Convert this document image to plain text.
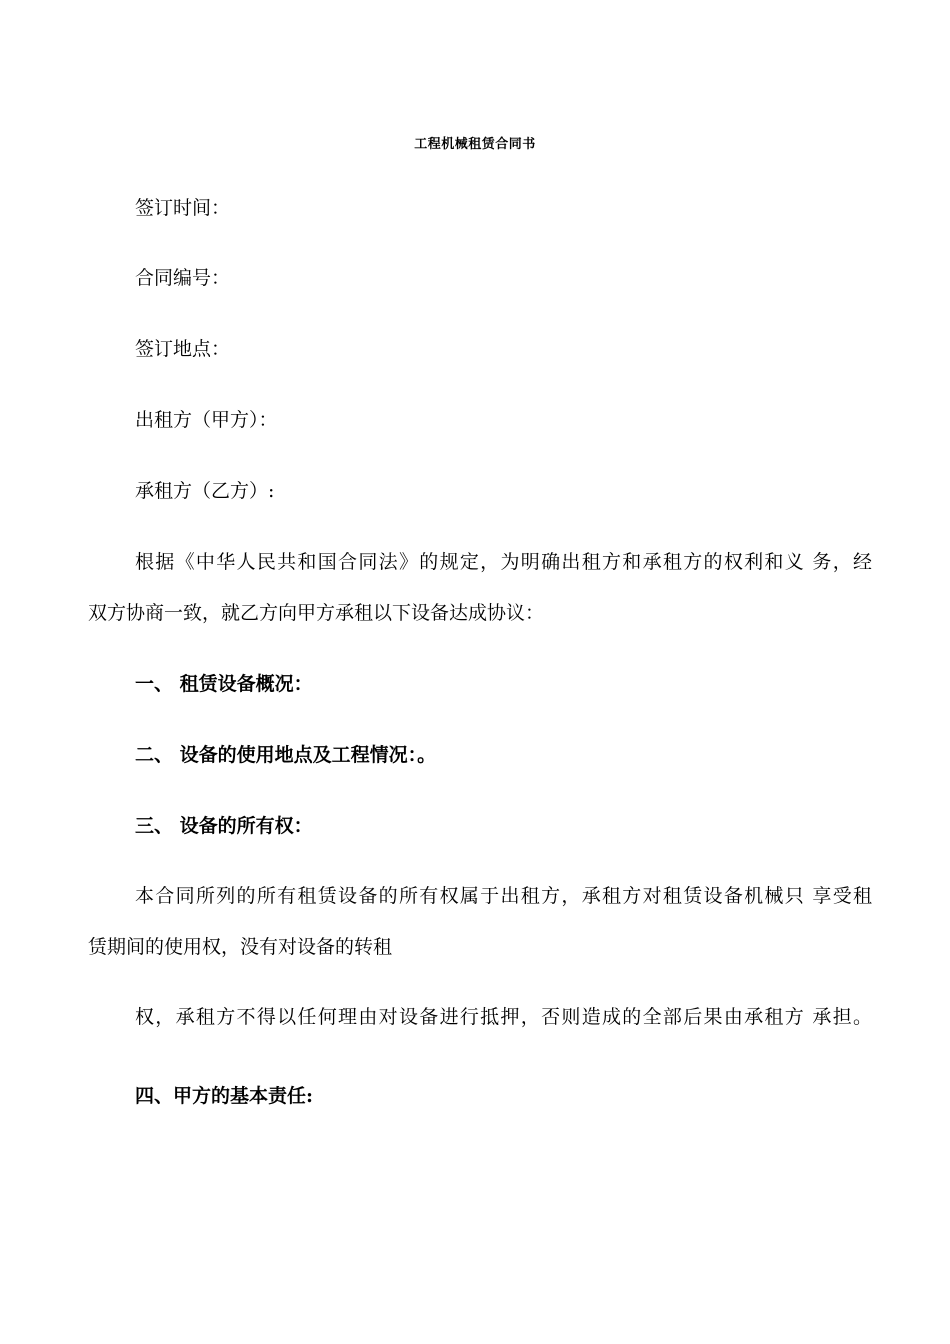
工程机械租赁合同书
签订时间：
合同编号：
签订地点：
出租方（甲方）：
承租方（乙方）:
根据《中华人民共和国合同法》的规定，为明确出租方和承租方的权利和义 务，经
双方协商一致，就乙方向甲方承租以下设备达成协议：
一、 租赁设备概况：
二、 设备的使用地点及工程情况：。
三、 设备的所有权：
本合同所列的所有租赁设备的所有权属于出租方，承租方对租赁设备机械只 享受租
赁期间的使用权，没有对设备的转租
权，承租方不得以任何理由对设备进行抵押，否则造成的全部后果由承租方 承担。
四、甲方的基本责任:
